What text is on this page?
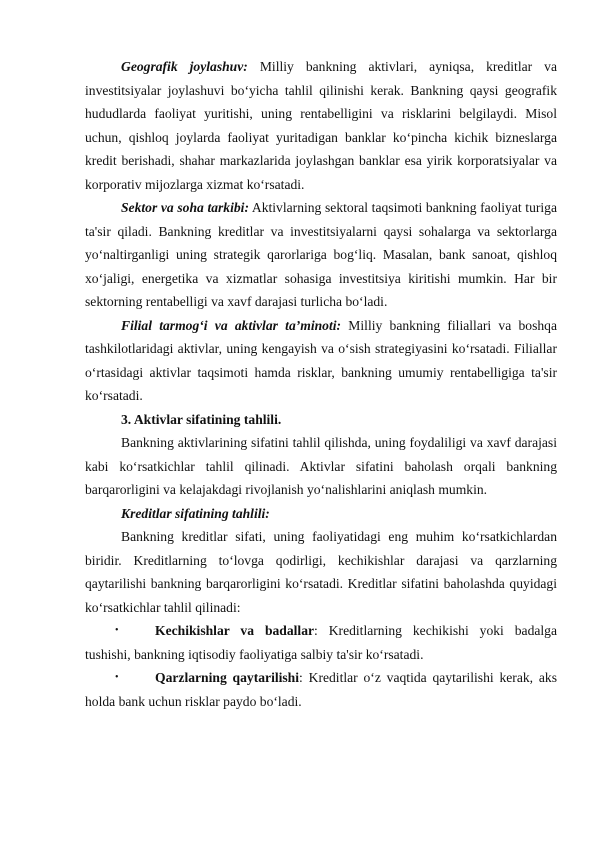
Geografik joylashuv: Milliy bankning aktivlari, ayniqsa, kreditlar va investitsiyalar joylashuvi bo‘yicha tahlil qilinishi kerak. Bankning qaysi geografik hududlarda faoliyat yuritishi, uning rentabelligini va risklarini belgilaydi. Misol uchun, qishloq joylarda faoliyat yuritadigan banklar ko‘pincha kichik bizneslarga kredit berishadi, shahar markazlarida joylashgan banklar esa yirik korporatsiyalar va korporativ mijozlarga xizmat ko‘rsatadi.

Sektor va soha tarkibi: Aktivlarning sektoral taqsimoti bankning faoliyat turiga ta'sir qiladi. Bankning kreditlar va investitsiyalarni qaysi sohalarga va sektorlarga yo‘naltirganligi uning strategik qarorlariga bog‘liq. Masalan, bank sanoat, qishloq xo‘jaligi, energetika va xizmatlar sohasiga investitsiya kiritishi mumkin. Har bir sektorning rentabelligi va xavf darajasi turlicha bo‘ladi.

Filial tarmog‘i va aktivlar ta’minoti: Milliy bankning filiallari va boshqa tashkilotlaridagi aktivlar, uning kengayish va o‘sish strategiyasini ko‘rsatadi. Filiallar o‘rtasidagi aktivlar taqsimoti hamda risklar, bankning umumiy rentabelligiga ta'sir ko‘rsatadi.

3. Aktivlar sifatining tahlili.

Bankning aktivlarining sifatini tahlil qilishda, uning foydaliligi va xavf darajasi kabi ko‘rsatkichlar tahlil qilinadi. Aktivlar sifatini baholash orqali bankning barqarorligini va kelajakdagi rivojlanish yo‘nalishlarini aniqlash mumkin.

Kreditlar sifatining tahlili:

Bankning kreditlar sifati, uning faoliyatidagi eng muhim ko‘rsatkichlardan biridir. Kreditlarning to‘lovga qodirligi, kechikishlar darajasi va qarzlarning qaytarilishi bankning barqarorligini ko‘rsatadi. Kreditlar sifatini baholashda quyidagi ko‘rsatkichlar tahlil qilinadi:

•	Kechikishlar va badallar: Kreditlarning kechikishi yoki badalga tushishi, bankning iqtisodiy faoliyatiga salbiy ta'sir ko‘rsatadi.
•	Qarzlarning qaytarilishi: Kreditlar o‘z vaqtida qaytarilishi kerak, aks holda bank uchun risklar paydo bo‘ladi.
